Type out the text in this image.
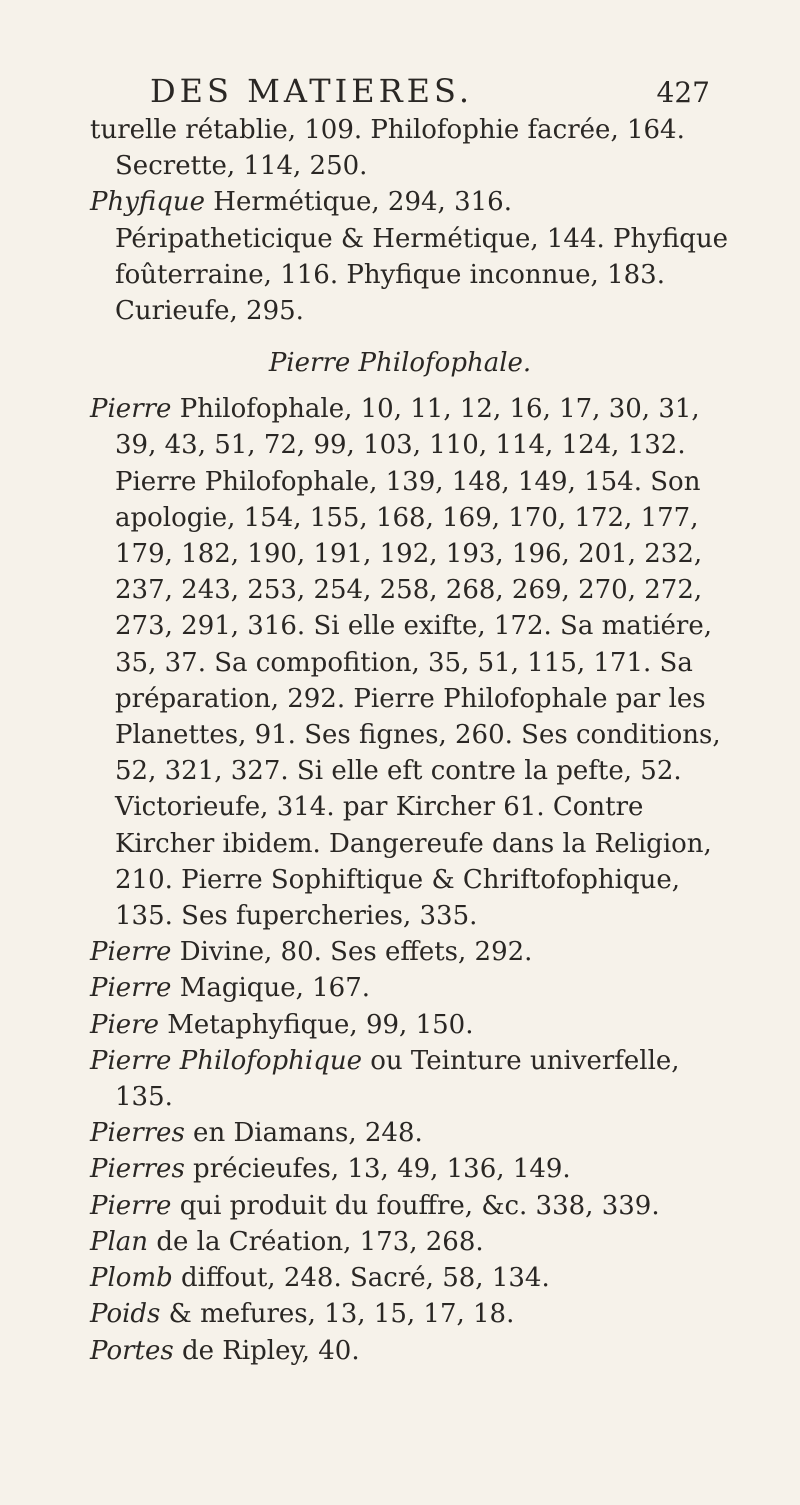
DES MATIERES.	427

turelle rétablie, 109. Philofophie facrée, 164. Secrette, 114, 250.

Phyfique Hermétique, 294, 316. Péripatheticique & Hermétique, 144. Phyfique foûterraine, 116. Phyfique inconnue, 183. Curieufe, 295.

Pierre Philofophale.

Pierre Philofophale, 10, 11, 12, 16, 17, 30, 31, 39, 43, 51, 72, 99, 103, 110, 114, 124, 132. Pierre Philofophale, 139, 148, 149, 154. Son apologie, 154, 155, 168, 169, 170, 172, 177, 179, 182, 190, 191, 192, 193, 196, 201, 232, 237, 243, 253, 254, 258, 268, 269, 270, 272, 273, 291, 316. Si elle exifte, 172. Sa matiére, 35, 37. Sa compofition, 35, 51, 115, 171. Sa préparation, 292. Pierre Philofophale par les Planettes, 91. Ses fignes, 260. Ses conditions, 52, 321, 327. Si elle eft contre la pefte, 52. Victorieufe, 314. par Kircher 61. Contre Kircher ibidem. Dangereufe dans la Religion, 210. Pierre Sophiftique & Chriftofophique, 135. Ses fupercheries, 335.

Pierre Divine, 80. Ses effets, 292.

Pierre Magique, 167.

Piere Metaphyfique, 99, 150.

Pierre Philofophique ou Teinture univerfelle, 135.

Pierres en Diamans, 248.

Pierres précieufes, 13, 49, 136, 149.

Pierre qui produit du fouffre, &c. 338, 339.

Plan de la Création, 173, 268.

Plomb diffout, 248. Sacré, 58, 134.

Poids & mefures, 13, 15, 17, 18.

Portes de Ripley, 40.
